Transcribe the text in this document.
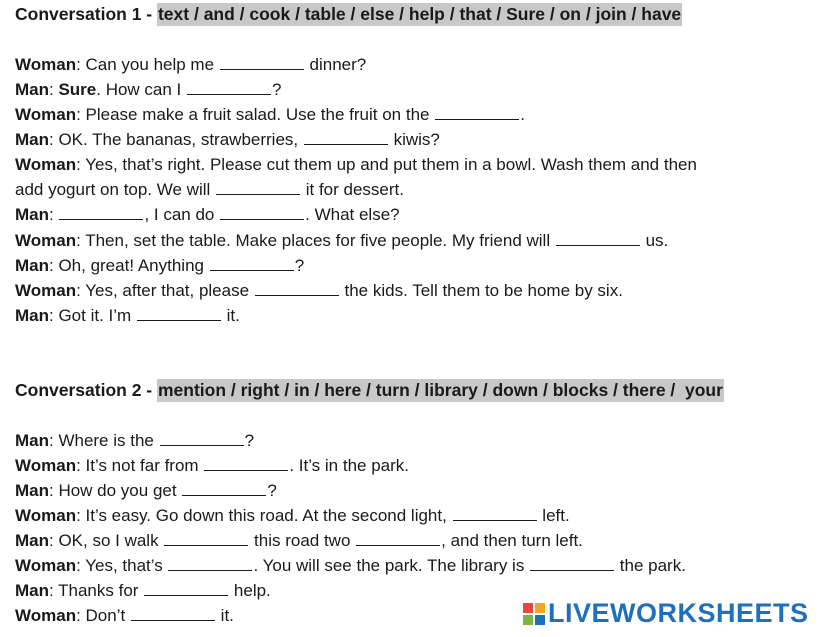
Conversation 1 - text / and / cook / table / else / help / that / Sure / on / join / have
Woman: Can you help me	dinner?
Man: Sure. How can I	?
Woman: Please make a fruit salad. Use the fruit on the	.
Man: OK. The bananas, strawberries,	kiwis?
Woman: Yes, that’s right. Please cut them up and put them in a bowl. Wash them and then
add yogurt on top. We will	it for dessert.
Man:	, I can do	. What else?
Woman: Then, set the table. Make places for five people. My friend will	us.
Man: Oh, great! Anything	?
Woman: Yes, after that, please	the kids. Tell them to be home by six.
Man: Got it. I’m	it.
Conversation 2 - mention / right / in / here / turn / library / down / blocks / there /  your
Man: Where is the	?
Woman: It’s not far from	. It’s in the park.
Man: How do you get	?
Woman: It’s easy. Go down this road. At the second light,	left.
Man: OK, so I walk	this road two	, and then turn left.
Woman: Yes, that’s	. You will see the park. The library is	the park.
Man: Thanks for	help.
Woman: Don’t	it.	LIVEWORKSHEETS
